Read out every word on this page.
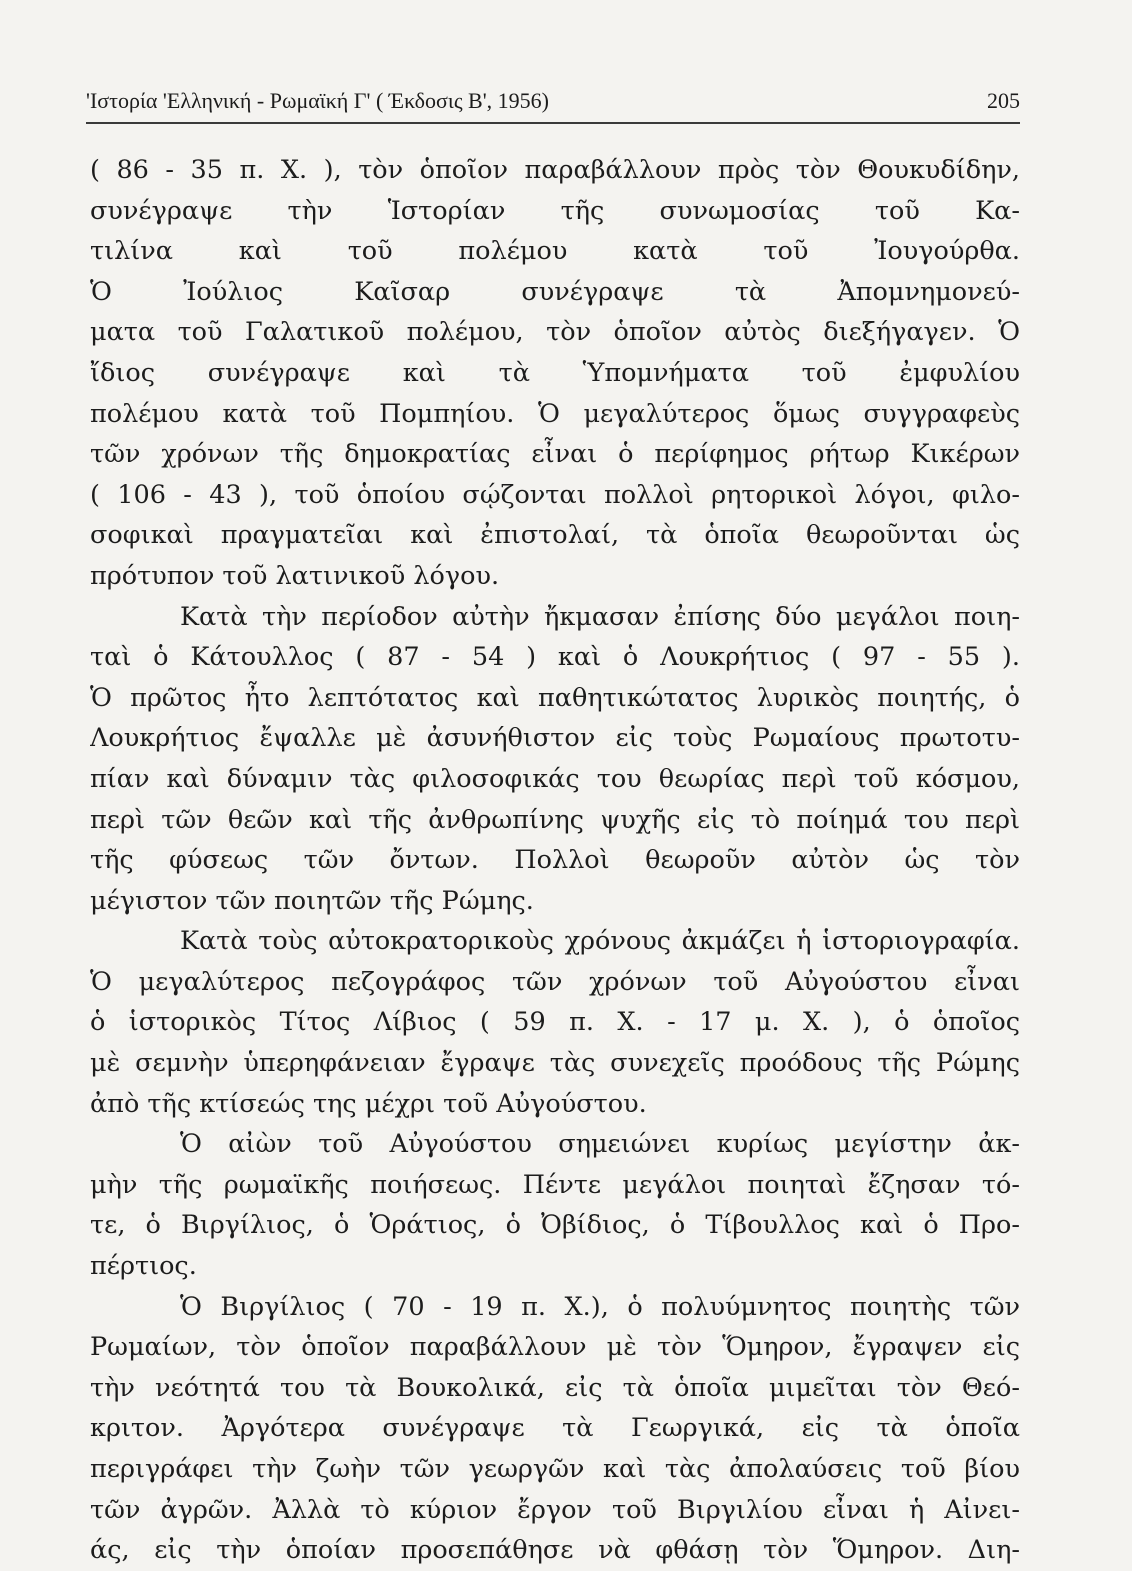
'Ιστορία 'Ελληνική - Ρωμαϊκή Γ' ( Έκδοσις Β', 1956)	205
( 86 - 35 π. Χ. ), τὸν ὁποῖον παραβάλλουν πρὸς τὸν Θουκυδίδην,
συνέγραψε τὴν Ἱστορίαν τῆς συνωμοσίας τοῦ Κα-
τιλίνα καὶ τοῦ πολέμου κατὰ τοῦ Ἰουγούρθα.
Ὁ Ἰούλιος Καῖσαρ συνέγραψε τὰ Ἀπομνημονεύ-
ματα τοῦ Γαλατικοῦ πολέμου, τὸν ὁποῖον αὐτὸς διεξήγαγεν. Ὁ
ἴδιος συνέγραψε καὶ τὰ Ὑπομνήματα τοῦ ἐμφυλίου
πολέμου κατὰ τοῦ Πομπηίου. Ὁ μεγαλύτερος ὅμως συγγραφεὺς
τῶν χρόνων τῆς δημοκρατίας εἶναι ὁ περίφημος ρήτωρ Κικέρων
( 106 - 43 ), τοῦ ὁποίου σῴζονται πολλοὶ ρητορικοὶ λόγοι, φιλο-
σοφικαὶ πραγματεῖαι καὶ ἐπιστολαί, τὰ ὁποῖα θεωροῦνται ὡς
πρότυπον τοῦ λατινικοῦ λόγου.
Κατὰ τὴν περίοδον αὐτὴν ἤκμασαν ἐπίσης δύο μεγάλοι ποιη-
ταὶ ὁ Κάτουλλος ( 87 - 54 ) καὶ ὁ Λουκρήτιος ( 97 - 55 ).
Ὁ πρῶτος ἦτο λεπτότατος καὶ παθητικώτατος λυρικὸς ποιητής, ὁ
Λουκρήτιος ἔψαλλε μὲ ἀσυνήθιστον εἰς τοὺς Ρωμαίους πρωτοτυ-
πίαν καὶ δύναμιν τὰς φιλοσοφικάς του θεωρίας περὶ τοῦ κόσμου,
περὶ τῶν θεῶν καὶ τῆς ἀνθρωπίνης ψυχῆς εἰς τὸ ποίημά του περὶ
τῆς φύσεως τῶν ὄντων. Πολλοὶ θεωροῦν αὐτὸν ὡς τὸν
μέγιστον τῶν ποιητῶν τῆς Ρώμης.
Κατὰ τοὺς αὐτοκρατορικοὺς χρόνους ἀκμάζει ἡ ἱστοριογραφία.
Ὁ μεγαλύτερος πεζογράφος τῶν χρόνων τοῦ Αὐγούστου εἶναι
ὁ ἱστορικὸς Τίτος Λίβιος ( 59 π. Χ. - 17 μ. Χ. ), ὁ ὁποῖος
μὲ σεμνὴν ὑπερηφάνειαν ἔγραψε τὰς συνεχεῖς προόδους τῆς Ρώμης
ἀπὸ τῆς κτίσεώς της μέχρι τοῦ Αὐγούστου.
Ὁ αἰὼν τοῦ Αὐγούστου σημειώνει κυρίως μεγίστην ἀκ-
μὴν τῆς ρωμαϊκῆς ποιήσεως. Πέντε μεγάλοι ποιηταὶ ἔζησαν τό-
τε, ὁ Βιργίλιος, ὁ Ὁράτιος, ὁ Ὀβίδιος, ὁ Τίβουλλος καὶ ὁ Προ-
πέρτιος.
Ὁ Βιργίλιος ( 70 - 19 π. Χ.), ὁ πολυύμνητος ποιητὴς τῶν
Ρωμαίων, τὸν ὁποῖον παραβάλλουν μὲ τὸν Ὅμηρον, ἔγραψεν εἰς
τὴν νεότητά του τὰ Βουκολικά, εἰς τὰ ὁποῖα μιμεῖται τὸν Θεό-
κριτον. Ἀργότερα συνέγραψε τὰ Γεωργικά, εἰς τὰ ὁποῖα
περιγράφει τὴν ζωὴν τῶν γεωργῶν καὶ τὰς ἀπολαύσεις τοῦ βίου
τῶν ἀγρῶν. Ἀλλὰ τὸ κύριον ἔργον τοῦ Βιργιλίου εἶναι ἡ Αἰνει-
άς, εἰς τὴν ὁποίαν προσεπάθησε νὰ φθάσῃ τὸν Ὅμηρον. Διη-
